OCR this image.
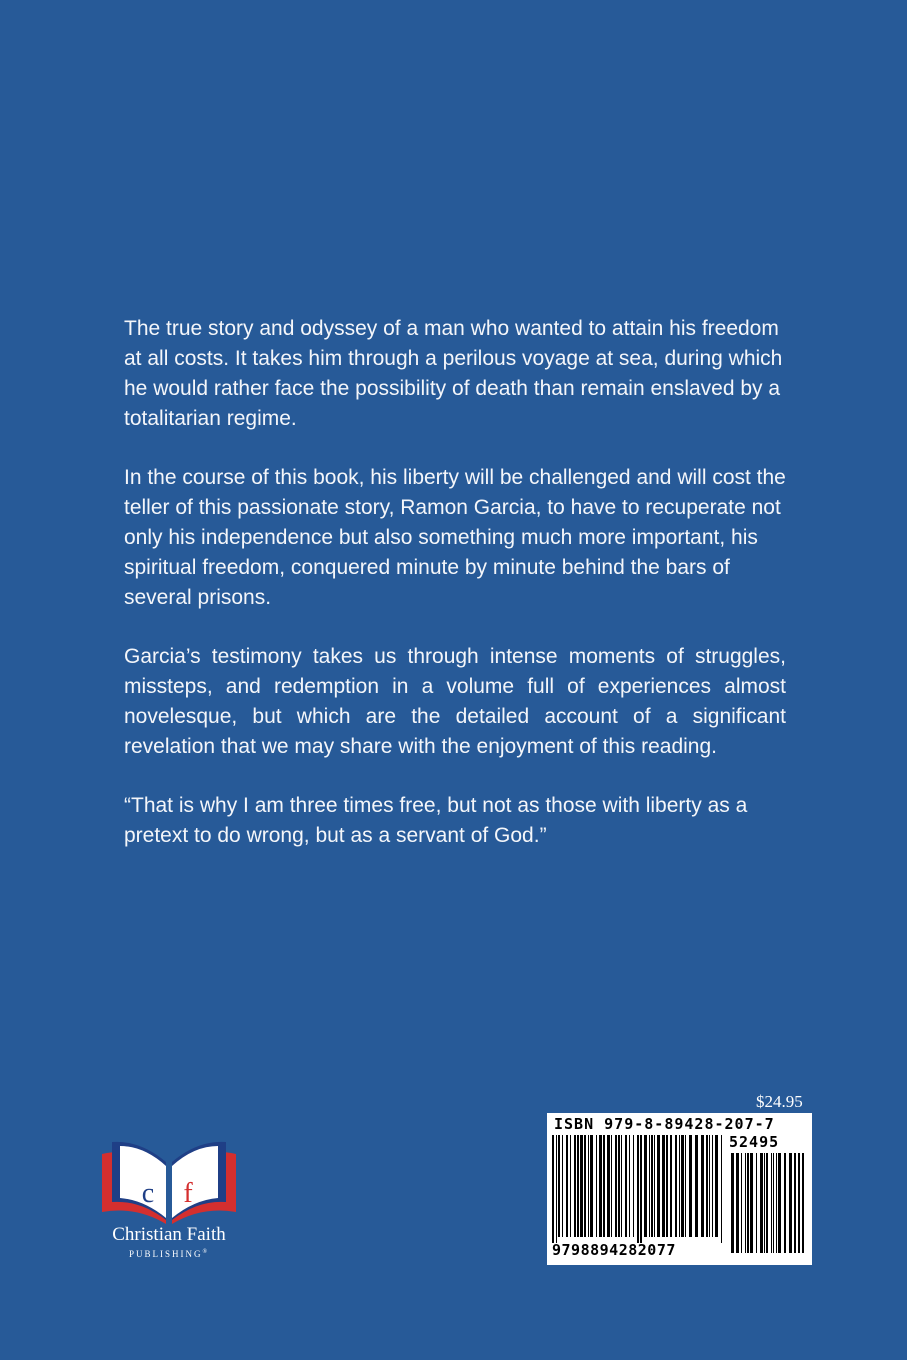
The true story and odyssey of a man who wanted to attain his freedom at all costs. It takes him through a perilous voyage at sea, during which he would rather face the possibility of death than remain enslaved by a totalitarian regime.

In the course of this book, his liberty will be challenged and will cost the teller of this passionate story, Ramon Garcia, to have to recuperate not only his independence but also something much more important, his spiritual freedom, conquered minute by minute behind the bars of several prisons.

Garcia’s testimony takes us through intense moments of struggles, missteps, and redemption in a volume full of experiences almost novelesque, but which are the detailed account of a significant revelation that we may share with the enjoyment of this reading.

“That is why I am three times free, but not as those with liberty as a pretext to do wrong, but as a servant of God.”

$24.95
ISBN 979-8-89428-207-7
52495
9798894282077
c f
Christian Faith
PUBLISHING®
